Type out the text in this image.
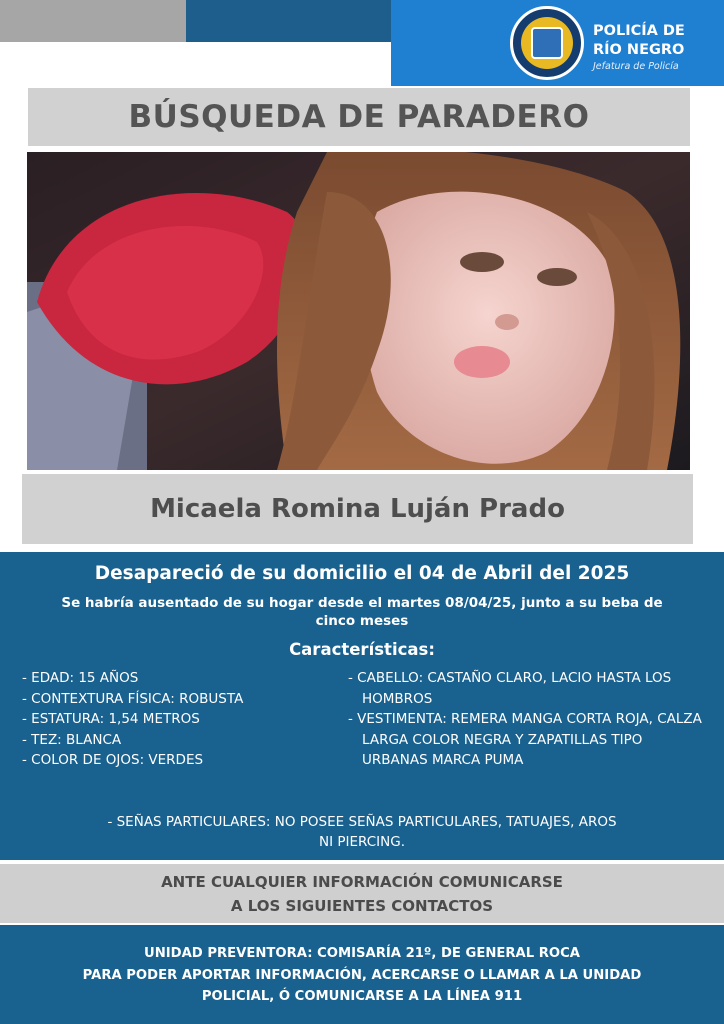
POLICÍA DE
RÍO NEGRO
Jefatura de Policía
BÚSQUEDA DE PARADERO
Micaela Romina Luján Prado
Desapareció de su domicilio el 04 de Abril del 2025
Se habría ausentado de su hogar desde el martes 08/04/25, junto a su beba de
cinco meses
Características:
- EDAD: 15 AÑOS
- CONTEXTURA FÍSICA: ROBUSTA
- ESTATURA: 1,54 METROS
- TEZ: BLANCA
- COLOR DE OJOS: VERDES
- CABELLO: CASTAÑO CLARO, LACIO HASTA LOS HOMBROS
- VESTIMENTA: REMERA MANGA CORTA ROJA, CALZA LARGA COLOR NEGRA Y ZAPATILLAS TIPO URBANAS MARCA PUMA
- SEÑAS PARTICULARES: NO POSEE SEÑAS PARTICULARES, TATUAJES, AROS
NI PIERCING.
ANTE CUALQUIER INFORMACIÓN COMUNICARSE
A LOS SIGUIENTES CONTACTOS
UNIDAD PREVENTORA: COMISARÍA 21º, DE GENERAL ROCA
PARA PODER APORTAR INFORMACIÓN, ACERCARSE O LLAMAR A LA UNIDAD
POLICIAL, Ó COMUNICARSE A LA LÍNEA 911
